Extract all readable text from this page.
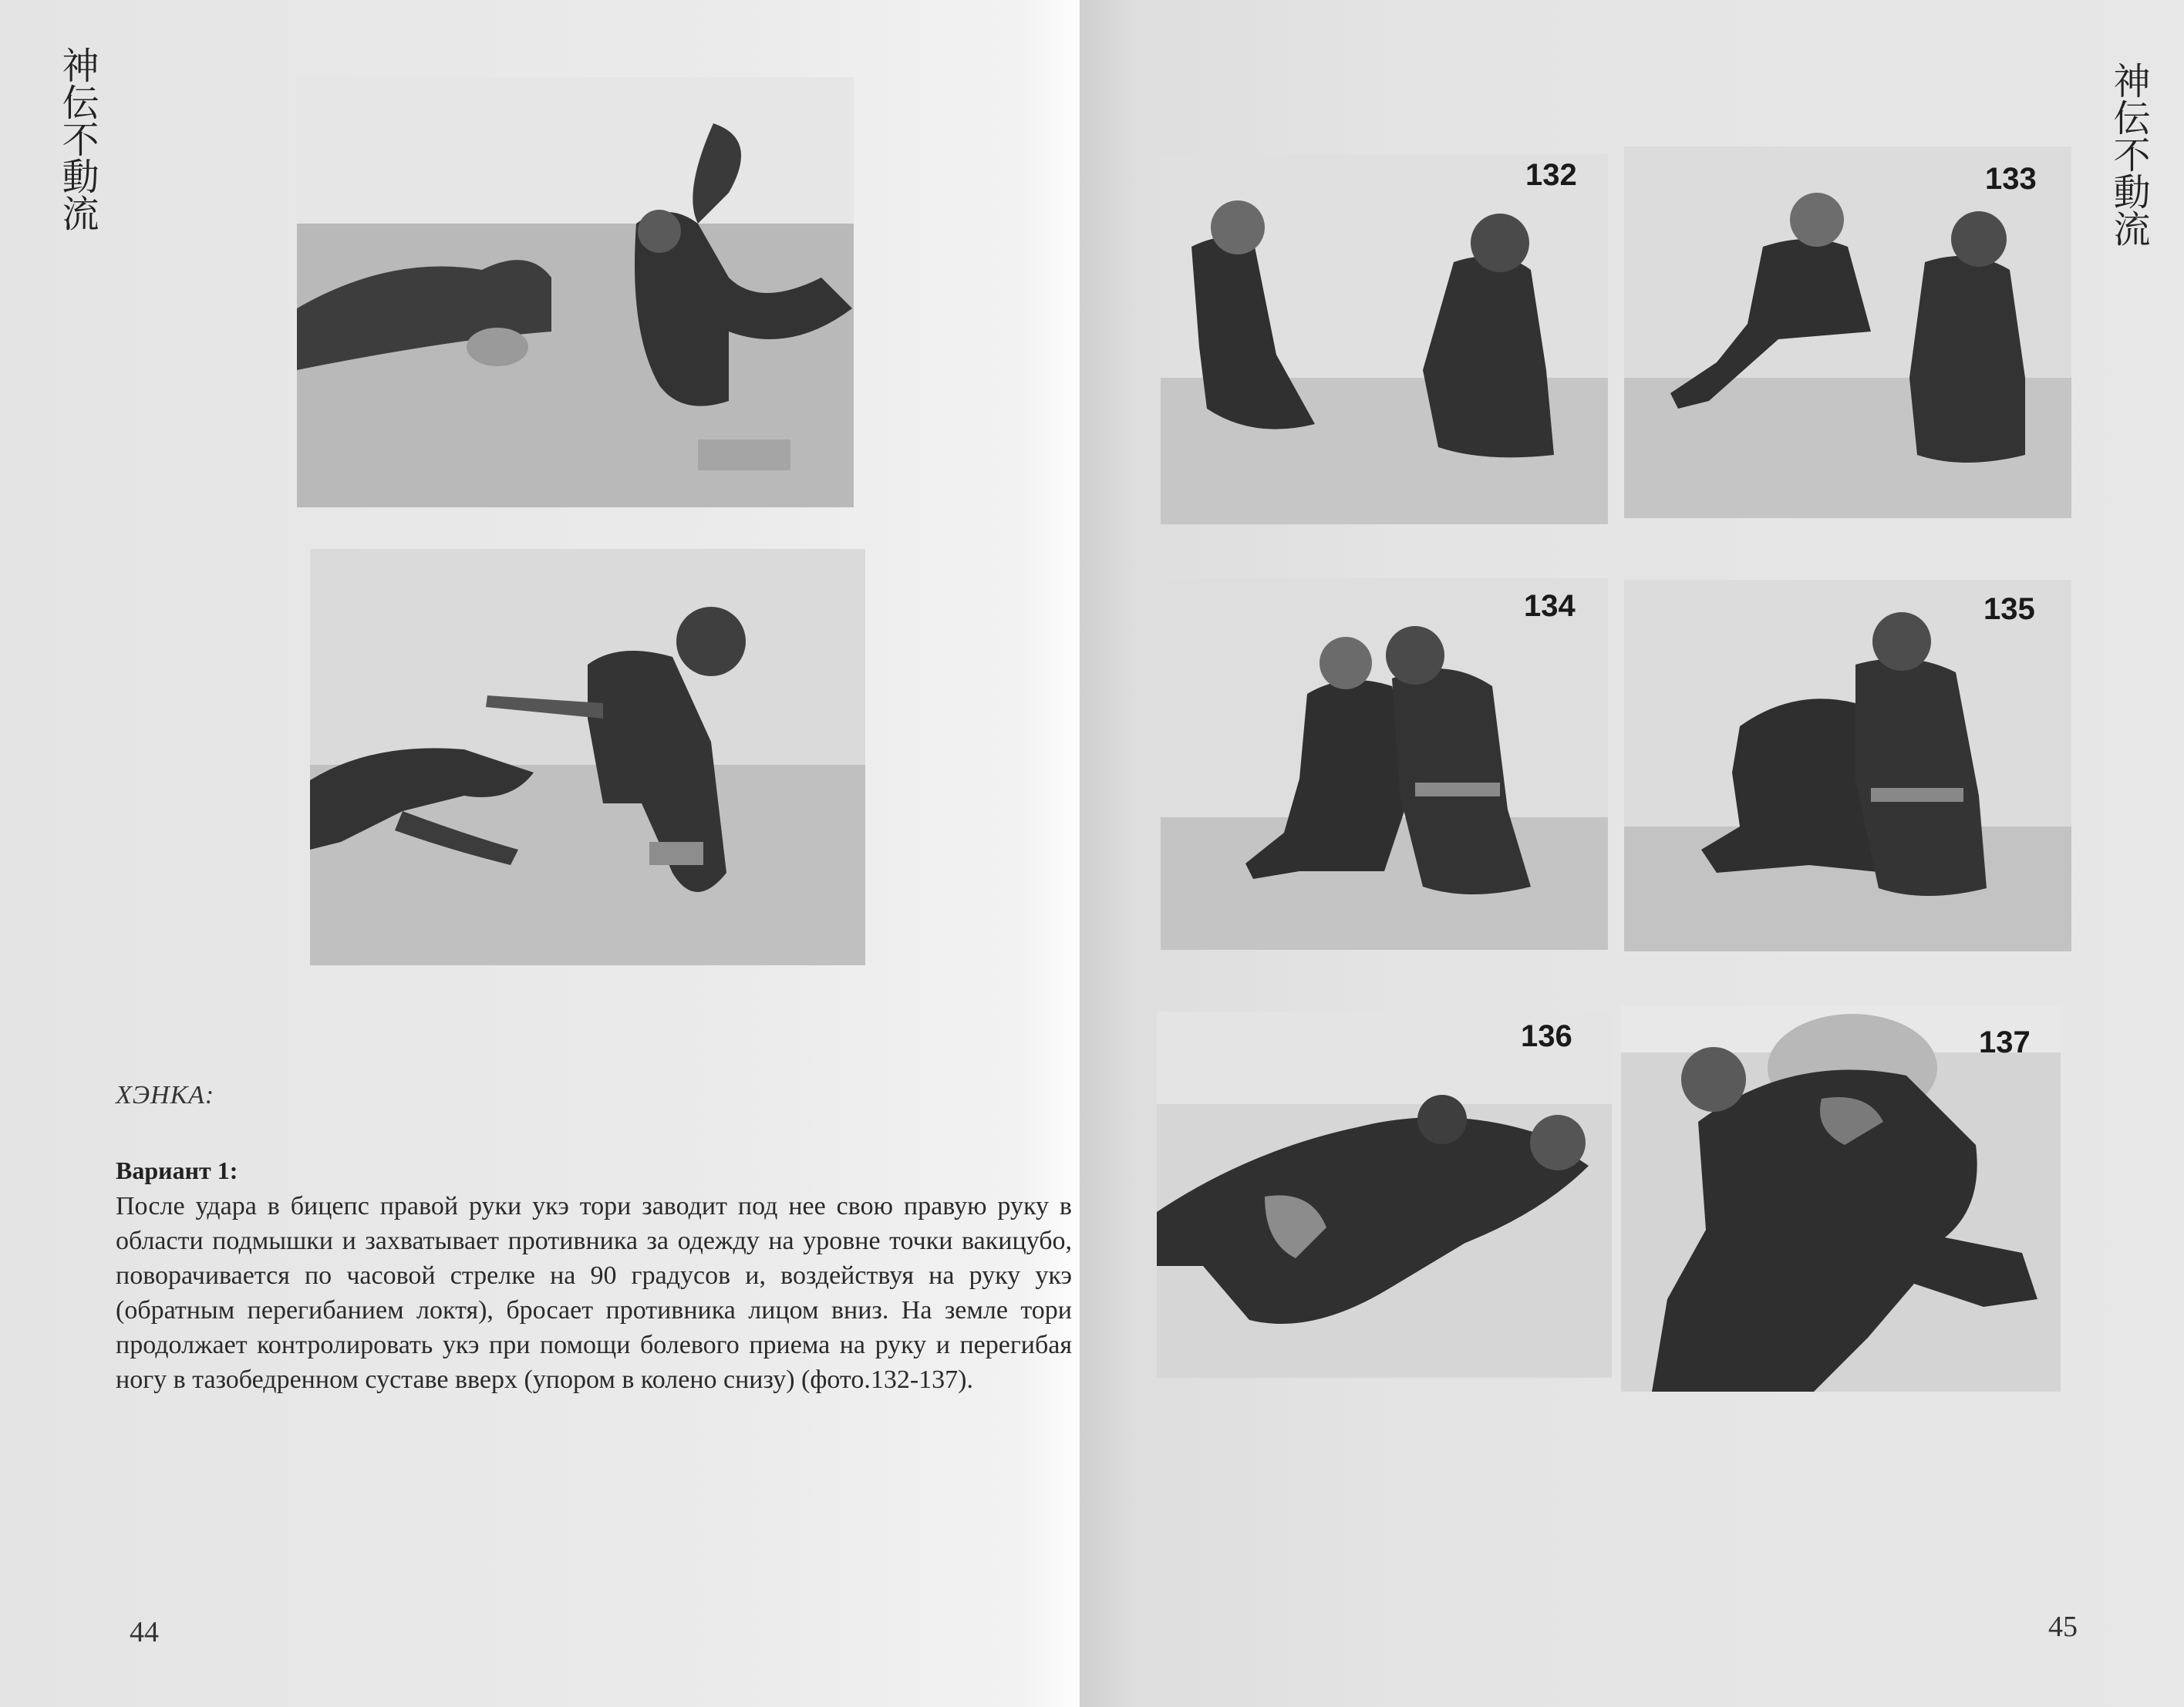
神伝不動流
ХЭНКА:
Вариант 1:

После удара в бицепс правой руки укэ тори заводит под нее свою правую руку в области подмышки и захватывает противника за одежду на уровне точки вакицубо, поворачивается по часовой стрелке на 90 градусов и, воздействуя на руку укэ (обратным перегибанием локтя), бросает противника лицом вниз. На земле тори продолжает контролировать укэ при помощи болевого приема на руку и перегибая ногу в тазобедренном суставе вверх (упором в колено снизу) (фото.132-137).

44
神伝不動流
132	133
134	135
136	137
45
